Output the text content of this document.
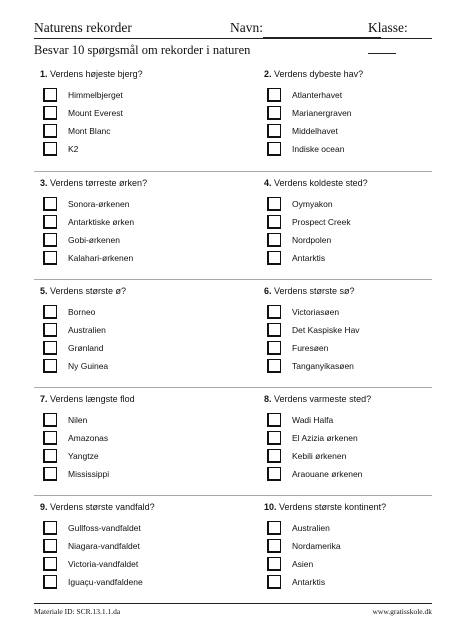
Naturens rekorder	Navn:	Klasse:
Besvar 10 spørgsmål om rekorder i naturen
1. Verdens højeste bjerg?
Himmelbjerget
Mount Everest
Mont Blanc
K2
2. Verdens dybeste hav?
Atlanterhavet
Marianergraven
Middelhavet
Indiske ocean
3. Verdens tørreste ørken?
Sonora-ørkenen
Antarktiske ørken
Gobi-ørkenen
Kalahari-ørkenen
4. Verdens koldeste sted?
Oymyakon
Prospect Creek
Nordpolen
Antarktis
5. Verdens største ø?
Borneo
Australien
Grønland
Ny Guinea
6. Verdens største sø?
Victoriasøen
Det Kaspiske Hav
Furesøen
Tanganyikasøen
7. Verdens længste flod
Nilen
Amazonas
Yangtze
Mississippi
8. Verdens varmeste sted?
Wadi Halfa
El Azizia ørkenen
Kebili ørkenen
Araouane ørkenen
9. Verdens største vandfald?
Gullfoss-vandfaldet
Niagara-vandfaldet
Victoria-vandfaldet
Iguaçu-vandfaldene
10. Verdens største kontinent?
Australien
Nordamerika
Asien
Antarktis
Materiale ID: SCR.13.1.1.da	www.gratisskole.dk
